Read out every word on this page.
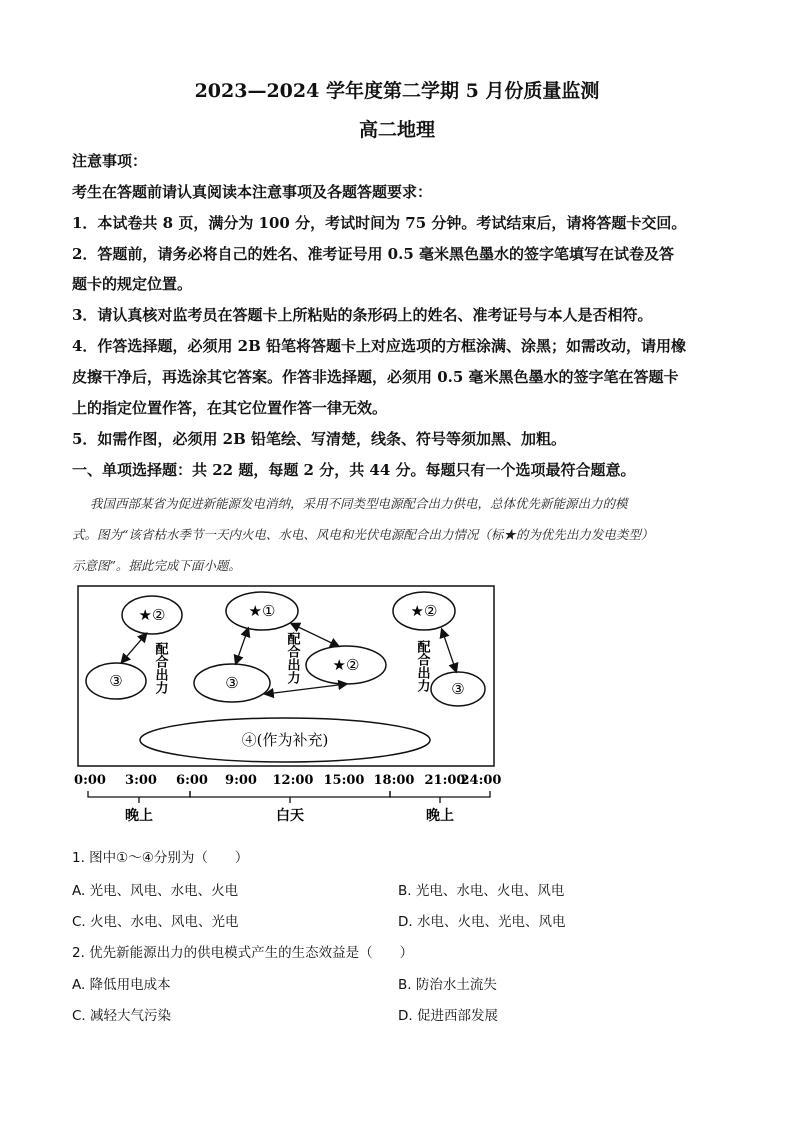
2023—2024 学年度第二学期 5 月份质量监测
高二地理
注意事项：
考生在答题前请认真阅读本注意事项及各题答题要求：
1．本试卷共 8 页，满分为 100 分，考试时间为 75 分钟。考试结束后，请将答题卡交回。
2．答题前，请务必将自己的姓名、准考证号用 0.5 毫米黑色墨水的签字笔填写在试卷及答
题卡的规定位置。
3．请认真核对监考员在答题卡上所粘贴的条形码上的姓名、准考证号与本人是否相符。
4．作答选择题，必须用 2B 铅笔将答题卡上对应选项的方框涂满、涂黑；如需改动，请用橡
皮擦干净后，再选涂其它答案。作答非选择题，必须用 0.5 毫米黑色墨水的签字笔在答题卡
上的指定位置作答，在其它位置作答一律无效。
5．如需作图，必须用 2B 铅笔绘、写清楚，线条、符号等须加黑、加粗。
一、单项选择题：共 22 题，每题 2 分，共 44 分。每题只有一个选项最符合题意。
我国西部某省为促进新能源发电消纳，采用不同类型电源配合出力供电，总体优先新能源出力的模
式。图为“该省枯水季节一天内火电、水电、风电和光伏电源配合出力情况（标★的为优先出力发电类型）
示意图”。据此完成下面小题。
★②
③
★①
③
★②
★②
③
④(作为补充)
配合出力	配合出力	配合出力
0:00 3:00 6:00 9:00 12:00 15:00 18:00 21:00
24:00
晚上	白天	晚上
1. 图中①～④分别为（　　）
A. 光电、风电、水电、火电	B. 光电、水电、火电、风电
C. 火电、水电、风电、光电	D. 水电、火电、光电、风电
2. 优先新能源出力的供电模式产生的生态效益是（　　）
A. 降低用电成本	B. 防治水土流失
C. 减轻大气污染	D. 促进西部发展
